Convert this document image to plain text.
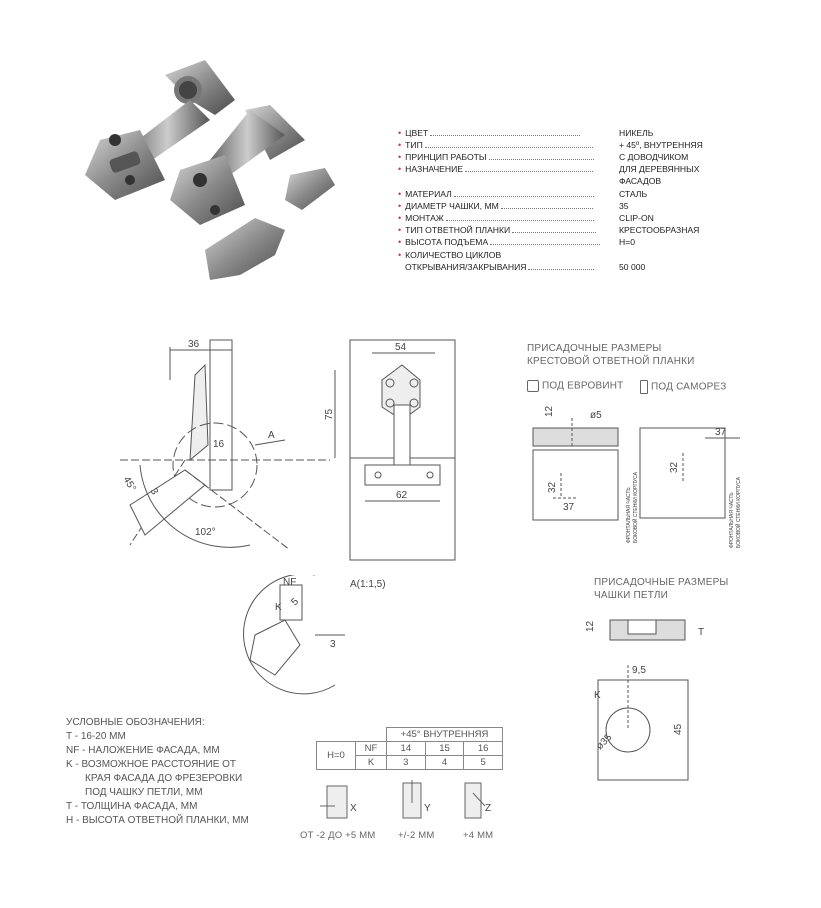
• ЦВЕТ	НИКЕЛЬ
• ТИП	+ 45º, ВНУТРЕННЯЯ
• ПРИНЦИП РАБОТЫ	С ДОВОДЧИКОМ
• НАЗНАЧЕНИЕ	ДЛЯ ДЕРЕВЯННЫХ
ФАСАДОВ
• МАТЕРИАЛ	СТАЛЬ
• ДИАМЕТР ЧАШКИ, ММ	35
• МОНТАЖ	CLIP-ON
• ТИП ОТВЕТНОЙ ПЛАНКИ	КРЕСТООБРАЗНАЯ
• ВЫСОТА ПОДЪЕМА	H=0
• КОЛИЧЕСТВО ЦИКЛОВ
ОТКРЫВАНИЯ/ЗАКРЫВАНИЯ	50 000
36
16
A
45° 3
102°
54
75
62
ПРИСАДОЧНЫЕ РАЗМЕРЫ
КРЕСТОВОЙ ОТВЕТНОЙ ПЛАНКИ
ПОД ЕВРОВИНТ	ПОД САМОРЕЗ
12	ø5
32
37	ФРОНТАЛЬНАЯ ЧАСТЬ БОКОВОЙ СТЕНКИ КОРПУСА
37
32
ФРОНТАЛЬНАЯ ЧАСТЬ БОКОВОЙ СТЕНКИ КОРПУСА
NF
K 5
3
A(1:1,5)	ПРИСАДОЧНЫЕ РАЗМЕРЫ
ЧАШКИ ПЕТЛИ
12
T
9,5
K
45
ø35
УСЛОВНЫЕ ОБОЗНАЧЕНИЯ:
T - 16-20 ММ
NF - НАЛОЖЕНИЕ ФАСАДА, ММ
K - ВОЗМОЖНОЕ РАССТОЯНИЕ ОТ
КРАЯ ФАСАДА ДО ФРЕЗЕРОВКИ
ПОД ЧАШКУ ПЕТЛИ, ММ
T - ТОЛЩИНА ФАСАДА, ММ
H - ВЫСОТА ОТВЕТНОЙ ПЛАНКИ, ММ
		+45° ВНУТРЕННЯЯ		
H=0	NF	14	15	16
	K	3	4	5
X	Y	Z
ОТ -2 ДО +5 ММ +/-2 ММ	+4 ММ
